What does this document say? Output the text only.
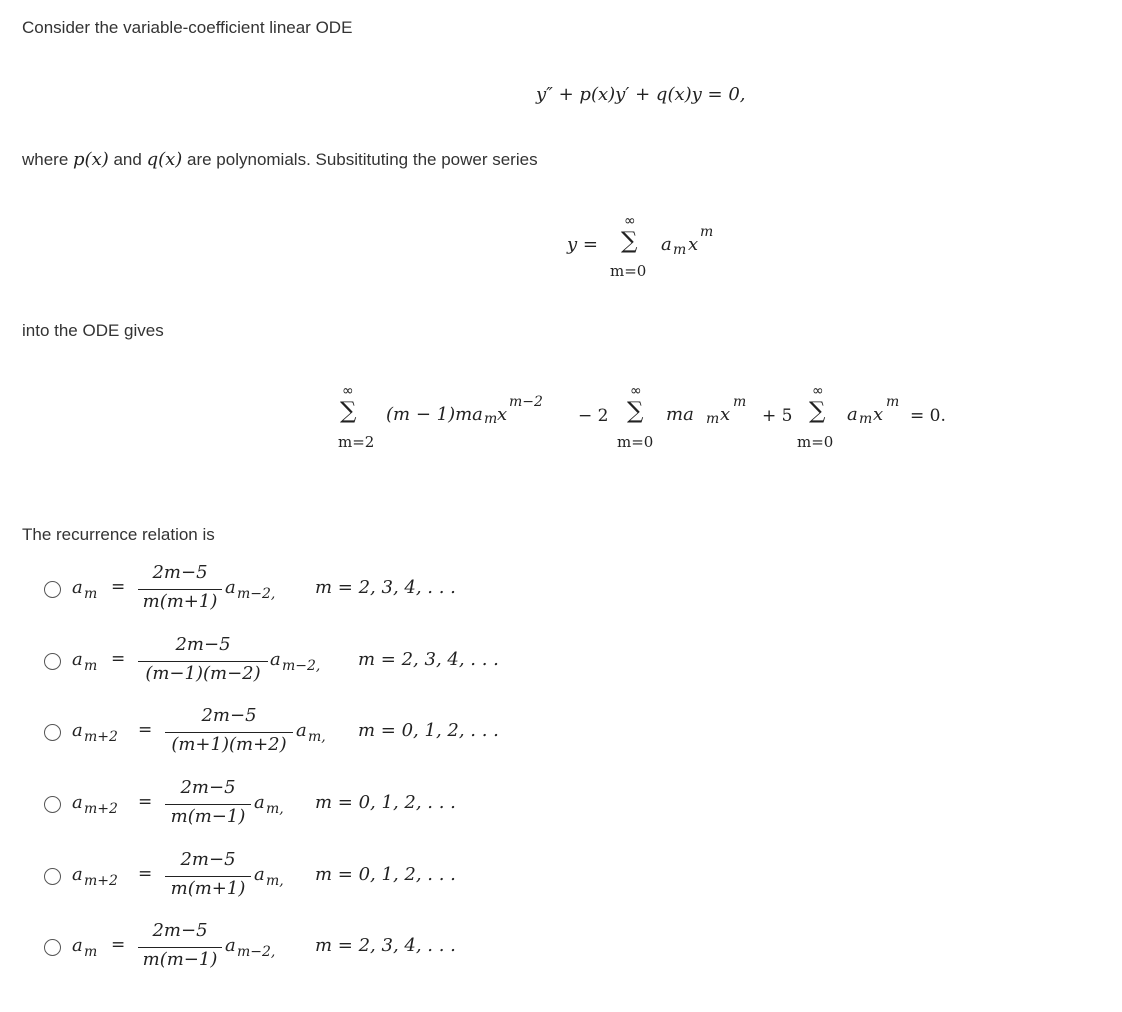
Consider the variable-coefficient linear ODE
y″ + p(x)y′ + q(x)y = 0,
where p(x) and q(x) are polynomials. Subsitituting the power series
y =
∞
∑
m=0
a m x
m
into the ODE gives
∞
∑
m=2
(m − 1)ma m x
m−2
− 2
∞
∑
m=0
ma m x
m
+ 5
∞
∑
m=0
a m x
m
= 0.
The recurrence relation is
a m =
2m−5
m(m+1)
a m−2, m = 2, 3, 4, . . .
a m =
2m−5
(m−1)(m−2)
a m−2, m = 2, 3, 4, . . .
a m+2 =
2m−5
(m+1)(m+2)
a m, m = 0, 1, 2, . . .
a m+2 =
2m−5
m(m−1)
a m, m = 0, 1, 2, . . .
a m+2 =
2m−5
m(m+1)
a m, m = 0, 1, 2, . . .
a m =
2m−5
m(m−1)
a m−2, m = 2, 3, 4, . . .
